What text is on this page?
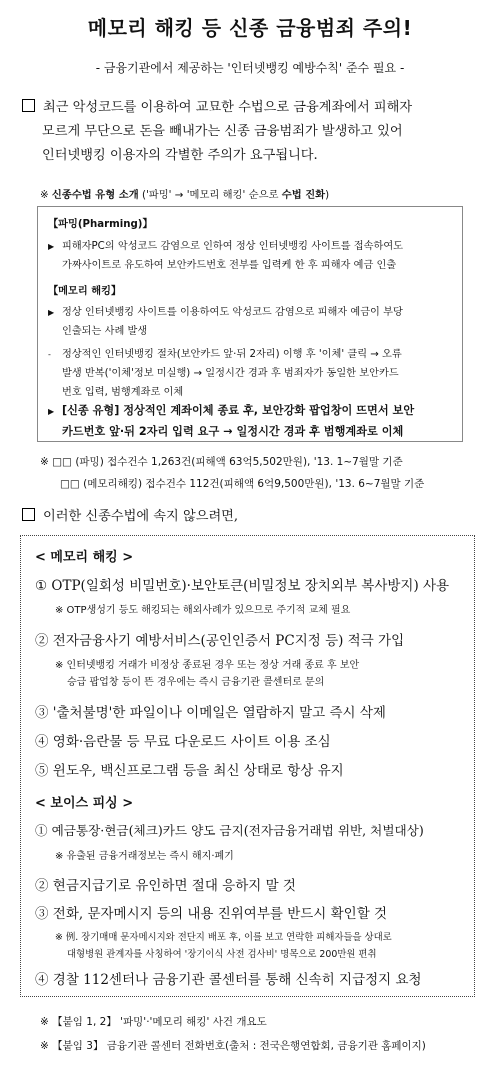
메모리 해킹 등 신종 금융범죄 주의!
- 금융기관에서 제공하는 '인터넷뱅킹 예방수칙' 준수 필요 -
최근 악성코드를 이용하여 교묘한 수법으로 금융계좌에서 피해자
모르게 무단으로 돈을 빼내가는 신종 금융범죄가 발생하고 있어
인터넷뱅킹 이용자의 각별한 주의가 요구됩니다.
※ 신종수법 유형 소개 ('파밍' → '메모리 해킹' 순으로 수법 진화)
【파밍(Pharming)】
▶ 피해자PC의 악성코드 감염으로 인하여 정상 인터넷뱅킹 사이트를 접속하여도
가짜사이트로 유도하여 보안카드번호 전부를 입력케 한 후 피해자 예금 인출
【메모리 해킹】
▶ 정상 인터넷뱅킹 사이트를 이용하여도 악성코드 감염으로 피해자 예금이 부당
인출되는 사례 발생
- 정상적인 인터넷뱅킹 절차(보안카드 앞·뒤 2자리) 이행 후 '이체' 클릭 → 오류
발생 반복('이체'정보 미실행) → 일정시간 경과 후 범죄자가 동일한 보안카드
번호 입력, 범행계좌로 이체
▶ [신종 유형] 정상적인 계좌이체 종료 후, 보안강화 팝업창이 뜨면서 보안
카드번호 앞·뒤 2자리 입력 요구 → 일정시간 경과 후 범행계좌로 이체
※ □□ (파밍) 접수건수 1,263건(피해액 63억5,502만원), '13. 1~7월말 기준
□□ (메모리해킹) 접수건수 112건(피해액 6억9,500만원), '13. 6~7월말 기준
이러한 신종수법에 속지 않으려면,
< 메모리 해킹 >
① OTP(일회성 비밀번호)·보안토큰(비밀정보 장치외부 복사방지) 사용
※ OTP생성기 등도 해킹되는 해외사례가 있으므로 주기적 교체 필요
② 전자금융사기 예방서비스(공인인증서 PC지정 등) 적극 가입
※ 인터넷뱅킹 거래가 비정상 종료된 경우 또는 정상 거래 종료 후 보안
승급 팝업창 등이 뜬 경우에는 즉시 금융기관 콜센터로 문의
③ '출처불명'한 파일이나 이메일은 열람하지 말고 즉시 삭제
④ 영화·음란물 등 무료 다운로드 사이트 이용 조심
⑤ 윈도우, 백신프로그램 등을 최신 상태로 항상 유지
< 보이스 피싱 >
① 예금통장·현금(체크)카드 양도 금지(전자금융거래법 위반, 처벌대상)
※ 유출된 금융거래정보는 즉시 해지·폐기
② 현금지급기로 유인하면 절대 응하지 말 것
③ 전화, 문자메시지 등의 내용 진위여부를 반드시 확인할 것
※ 例. 장기매매 문자메시지와 전단지 배포 후, 이를 보고 연락한 피해자들을 상대로
대형병원 관계자를 사칭하여 '장기이식 사전 검사비' 명목으로 200만원 편취
④ 경찰 112센터나 금융기관 콜센터를 통해 신속히 지급정지 요청
※ 【붙임 1, 2】 '파밍'·'메모리 해킹' 사건 개요도
※ 【붙임 3】 금융기관 콜센터 전화번호(출처 : 전국은행연합회, 금융기관 홈페이지)
